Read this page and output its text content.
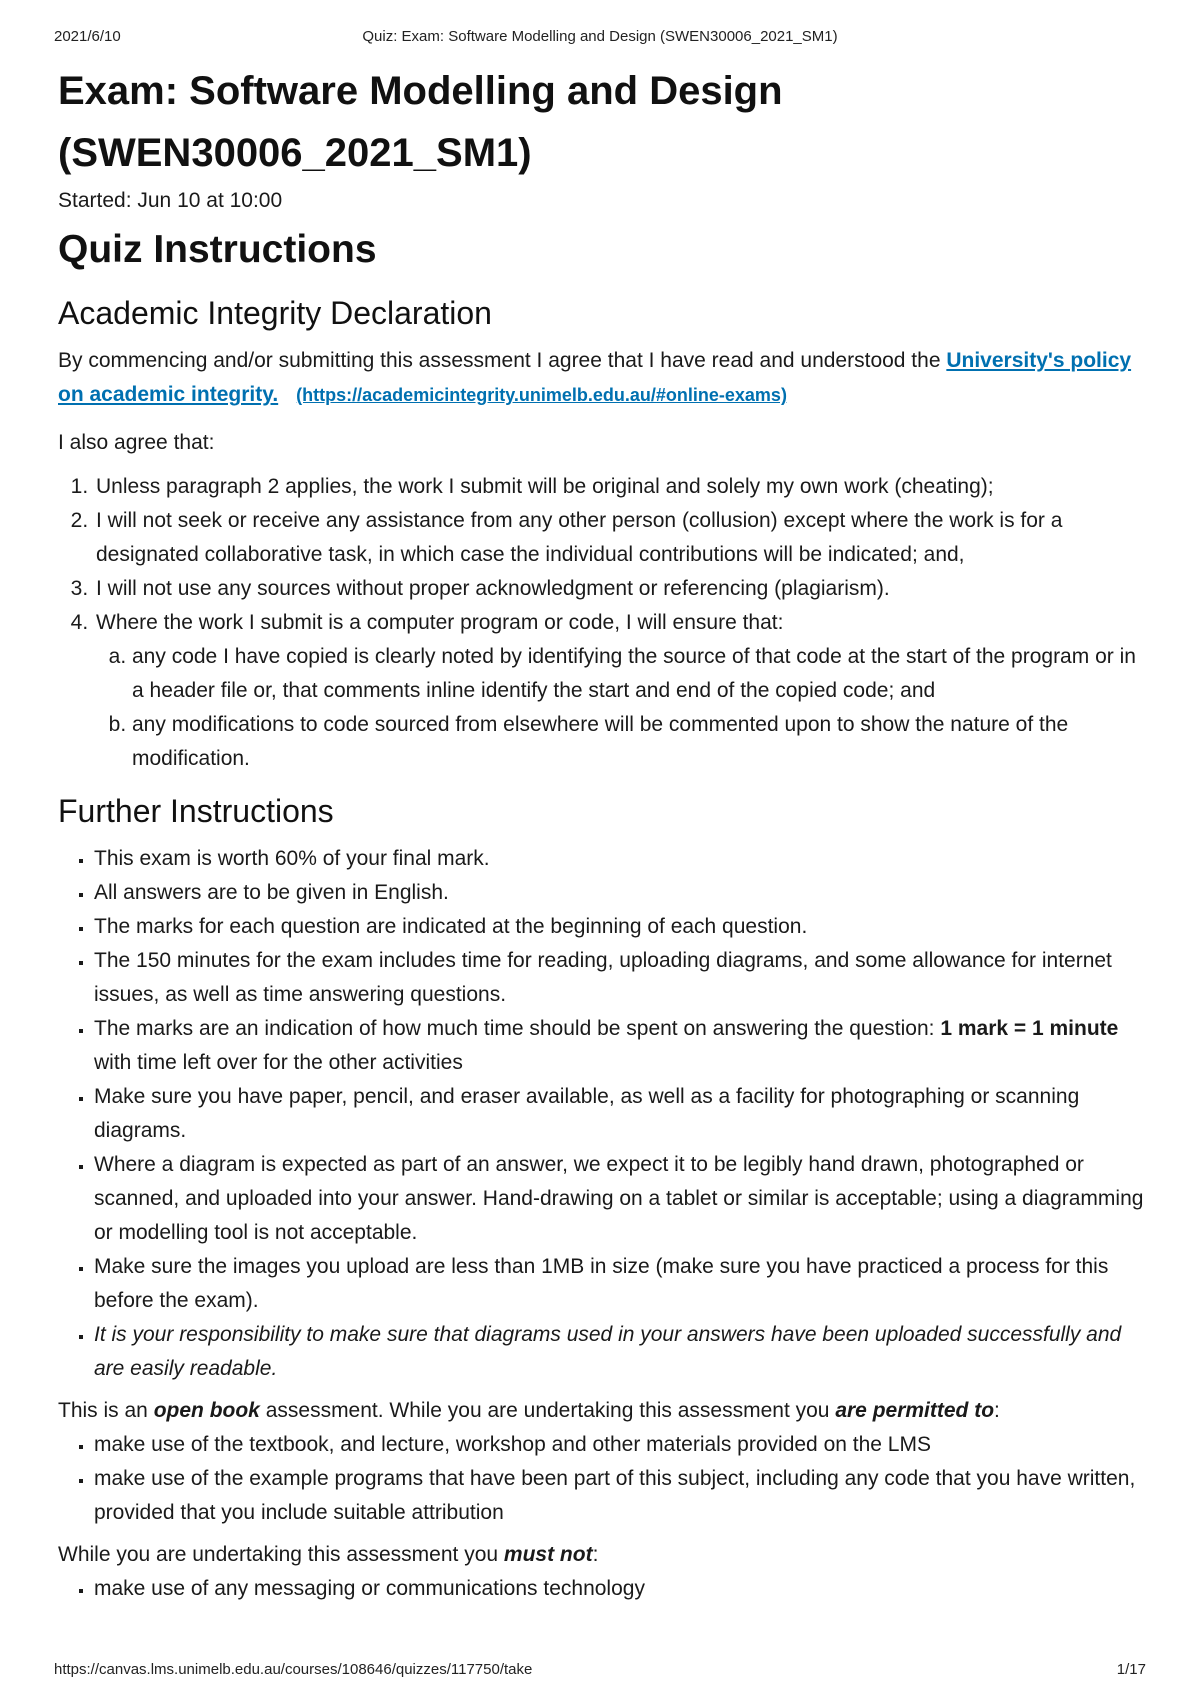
2021/6/10	Quiz: Exam: Software Modelling and Design (SWEN30006_2021_SM1)
Exam: Software Modelling and Design
(SWEN30006_2021_SM1)
Started: Jun 10 at 10:00
Quiz Instructions
Academic Integrity Declaration

By commencing and/or submitting this assessment I agree that I have read and understood the University's policy on academic integrity. (https://academicintegrity.unimelb.edu.au/#online-exams)

I also agree that:

1. Unless paragraph 2 applies, the work I submit will be original and solely my own work (cheating);
2. I will not seek or receive any assistance from any other person (collusion) except where the work is for a designated collaborative task, in which case the individual contributions will be indicated; and,
3. I will not use any sources without proper acknowledgment or referencing (plagiarism).
4. Where the work I submit is a computer program or code, I will ensure that:
a. any code I have copied is clearly noted by identifying the source of that code at the start of the program or in a header file or, that comments inline identify the start and end of the copied code; and
b. any modifications to code sourced from elsewhere will be commented upon to show the nature of the modification.
Further Instructions
▪ This exam is worth 60% of your final mark.
▪ All answers are to be given in English.
▪ The marks for each question are indicated at the beginning of each question.
▪ The 150 minutes for the exam includes time for reading, uploading diagrams, and some allowance for internet issues, as well as time answering questions.
▪ The marks are an indication of how much time should be spent on answering the question: 1 mark = 1 minute with time left over for the other activities
▪ Make sure you have paper, pencil, and eraser available, as well as a facility for photographing or scanning diagrams.
▪ Where a diagram is expected as part of an answer, we expect it to be legibly hand drawn, photographed or scanned, and uploaded into your answer. Hand-drawing on a tablet or similar is acceptable; using a diagramming or modelling tool is not acceptable.
▪ Make sure the images you upload are less than 1MB in size (make sure you have practiced a process for this before the exam).
▪ It is your responsibility to make sure that diagrams used in your answers have been uploaded successfully and are easily readable.

This is an open book assessment. While you are undertaking this assessment you are permitted to:

▪ make use of the textbook, and lecture, workshop and other materials provided on the LMS
▪ make use of the example programs that have been part of this subject, including any code that you have written, provided that you include suitable attribution

While you are undertaking this assessment you must not:

▪ make use of any messaging or communications technology
https://canvas.lms.unimelb.edu.au/courses/108646/quizzes/117750/take	1/17
